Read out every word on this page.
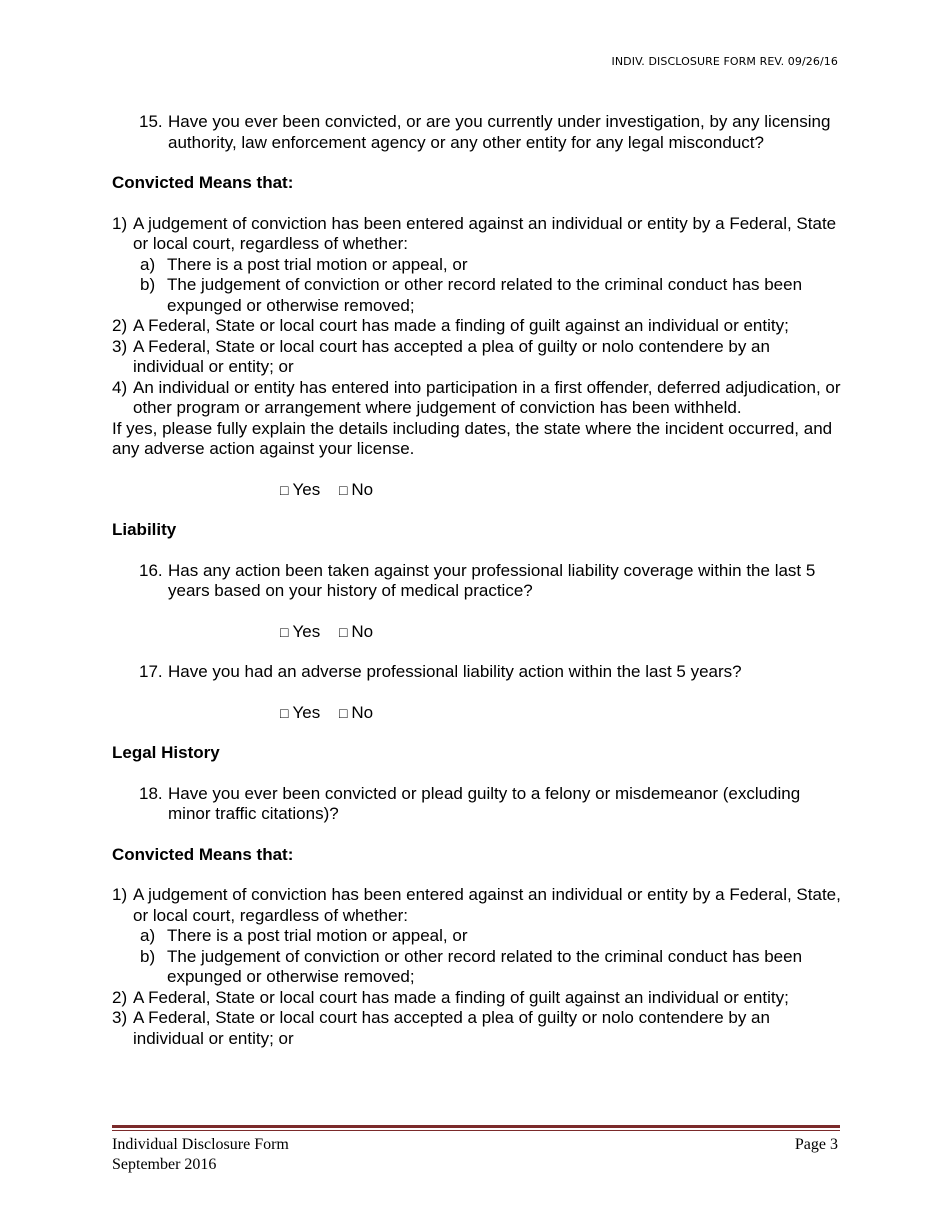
INDIV. DISCLOSURE FORM REV. 09/26/16
15. Have you ever been convicted, or are you currently under investigation, by any licensing authority, law enforcement agency or any other entity for any legal misconduct?
Convicted Means that:
1) A judgement of conviction has been entered against an individual or entity by a Federal, State or local court, regardless of whether:
a) There is a post trial motion or appeal, or
b) The judgement of conviction or other record related to the criminal conduct has been expunged or otherwise removed;
2) A Federal, State or local court has made a finding of guilt against an individual or entity;
3) A Federal, State or local court has accepted a plea of guilty or nolo contendere by an individual or entity; or
4) An individual or entity has entered into participation in a first offender, deferred adjudication, or other program or arrangement where judgement of conviction has been withheld.
If yes, please fully explain the details including dates, the state where the incident occurred, and any adverse action against your license.
□ Yes □ No
Liability
16. Has any action been taken against your professional liability coverage within the last 5 years based on your history of medical practice?
□ Yes □ No
17. Have you had an adverse professional liability action within the last 5 years?
□ Yes □ No
Legal History
18. Have you ever been convicted or plead guilty to a felony or misdemeanor (excluding minor traffic citations)?
Convicted Means that:
1) A judgement of conviction has been entered against an individual or entity by a Federal, State, or local court, regardless of whether:
a) There is a post trial motion or appeal, or
b) The judgement of conviction or other record related to the criminal conduct has been expunged or otherwise removed;
2) A Federal, State or local court has made a finding of guilt against an individual or entity;
3) A Federal, State or local court has accepted a plea of guilty or nolo contendere by an individual or entity; or
Individual Disclosure Form
September 2016
Page 3
